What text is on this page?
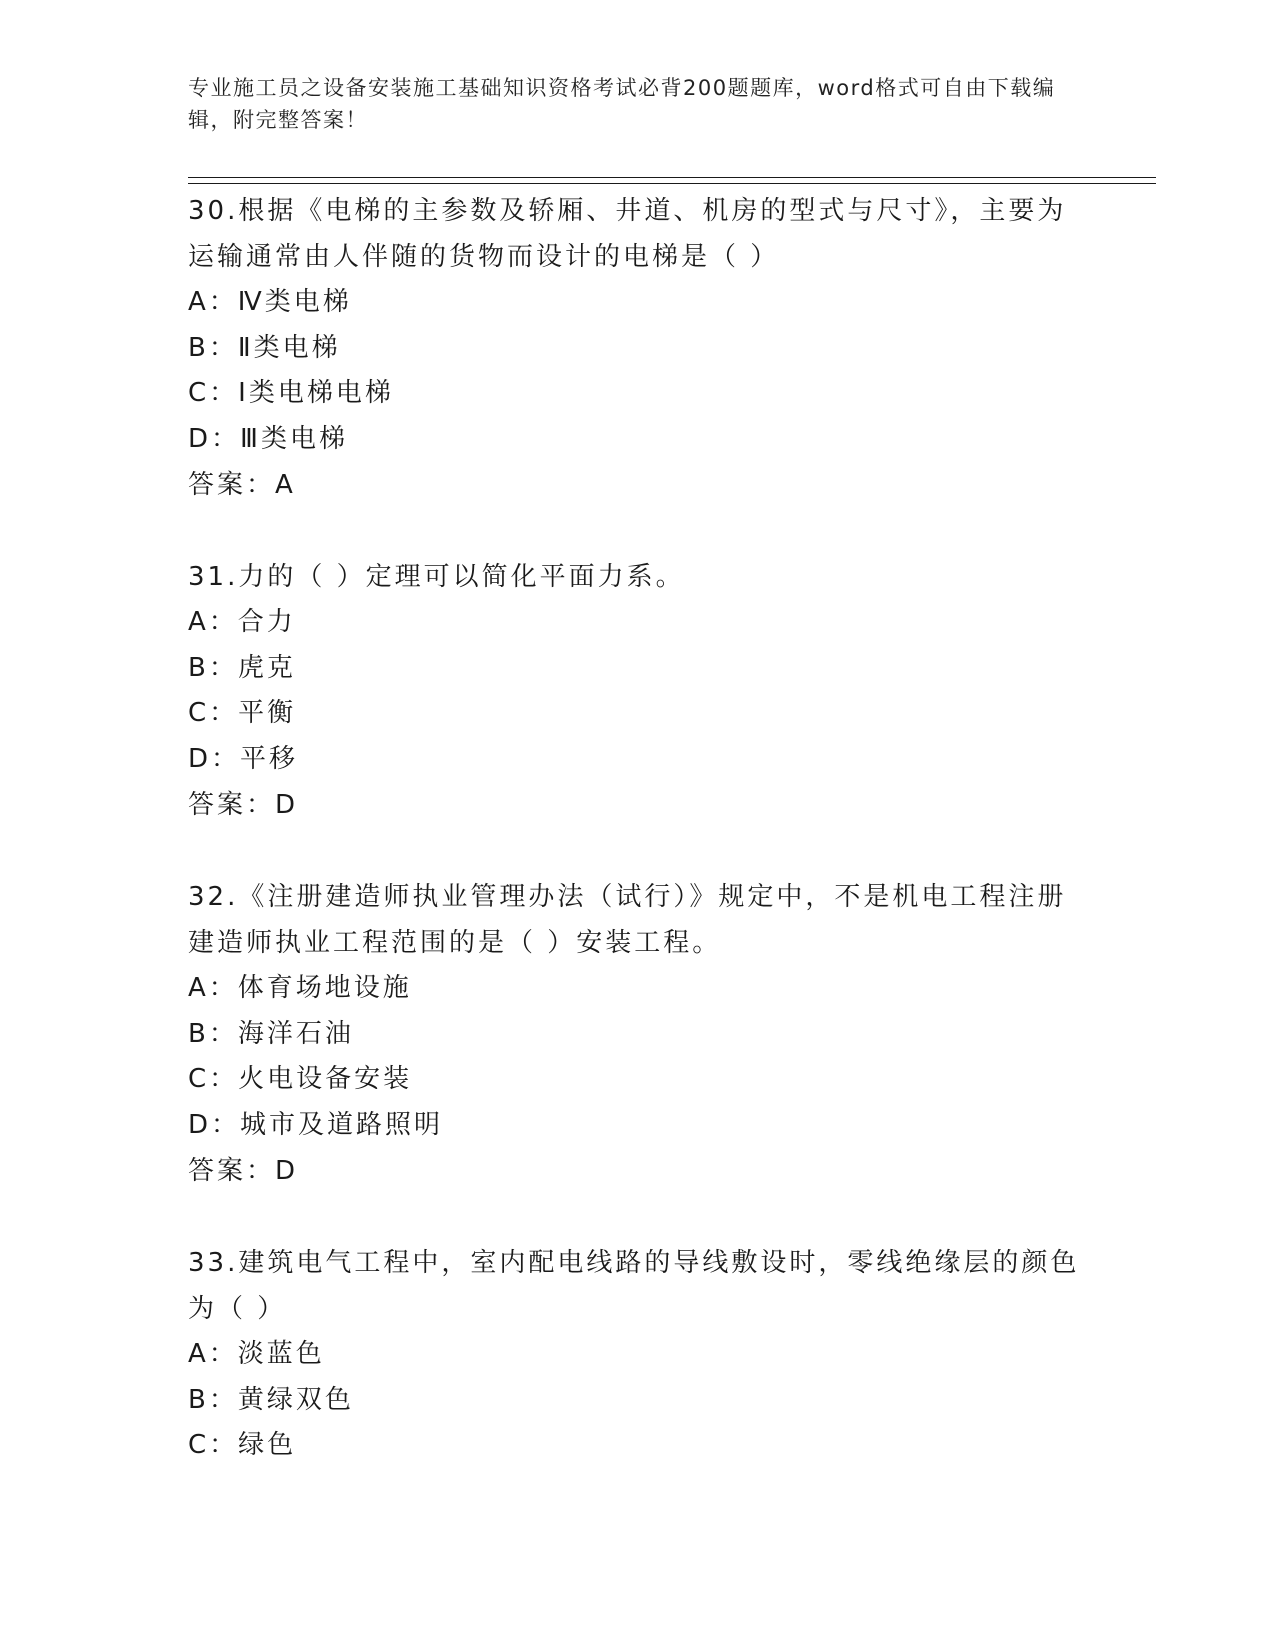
专业施工员之设备安装施工基础知识资格考试必背200题题库，word格式可自由下载编辑，附完整答案！

30.根据《电梯的主参数及轿厢、井道、机房的型式与尺寸》，主要为运输通常由人伴随的货物而设计的电梯是（ ）

A：Ⅳ类电梯
B：Ⅱ类电梯
C：Ⅰ类电梯电梯
D：Ⅲ类电梯
答案：A

31.力的（ ）定理可以简化平面力系。

A：合力
B：虎克
C：平衡
D：平移
答案：D

32.《注册建造师执业管理办法（试行）》规定中，不是机电工程注册建造师执业工程范围的是（ ）安装工程。

A：体育场地设施
B：海洋石油
C：火电设备安装
D：城市及道路照明
答案：D

33.建筑电气工程中，室内配电线路的导线敷设时，零线绝缘层的颜色为（ ）

A：淡蓝色
B：黄绿双色
C：绿色
